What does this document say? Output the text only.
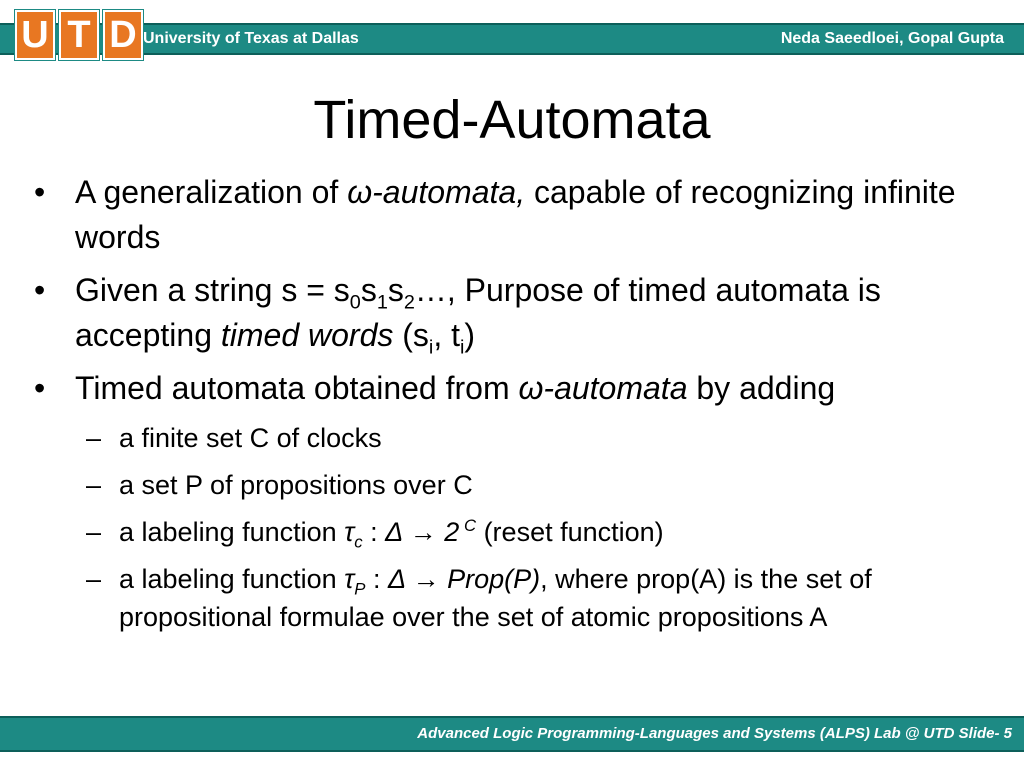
U T D University of Texas at Dallas	Neda Saeedloei, Gopal Gupta
Timed-Automata
• A generalization of ω-automata, capable of recognizing infinite words
• Given a string $s = s_0s_1s_2\dots$, Purpose of timed automata is accepting timed words ($s_i$, $t_i$)
• Timed automata obtained from ω-automata by adding
– a finite set C of clocks
– a set P of propositions over C
– a labeling function $\tau_c$ : Δ → 2 $^C$ (reset function)
– a labeling function $\tau_P$ : Δ → Prop(P), where prop(A) is the set of propositional formulae over the set of atomic propositions A
Advanced Logic Programming-Languages and Systems (ALPS) Lab @ UTD Slide- 5
